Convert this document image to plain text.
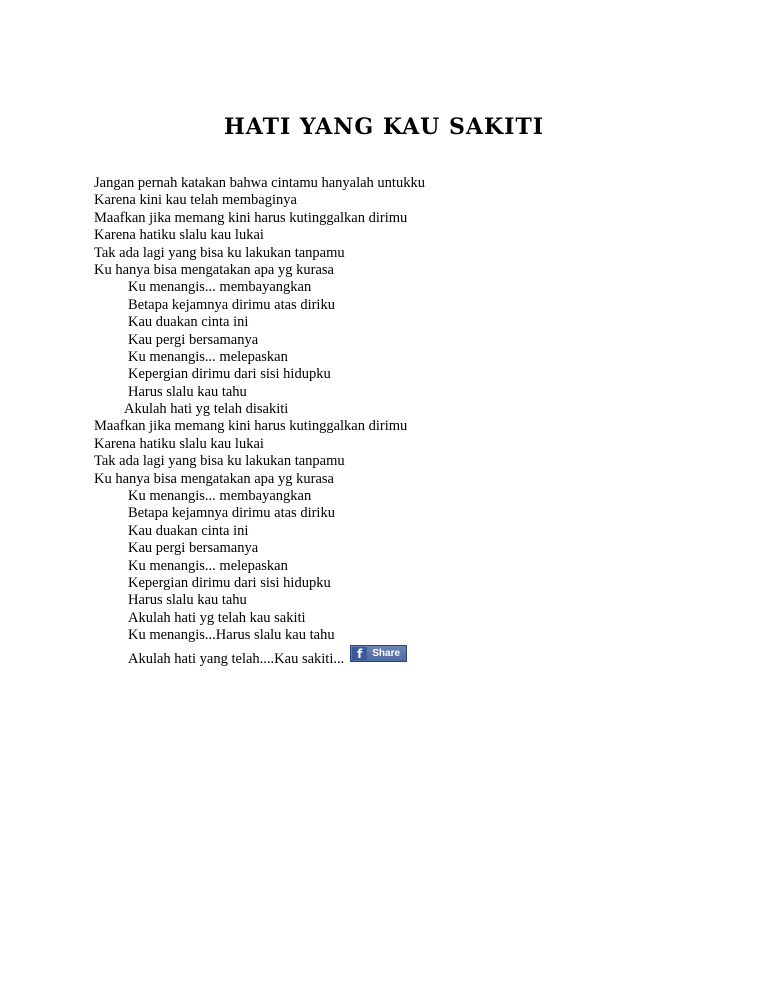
HATI YANG KAU SAKITI
Jangan pernah katakan bahwa cintamu hanyalah untukku
Karena kini kau telah membaginya
Maafkan jika memang kini harus kutinggalkan dirimu
Karena hatiku slalu kau lukai
Tak ada lagi yang bisa ku lakukan tanpamu
Ku hanya bisa mengatakan apa yg kurasa
Ku menangis... membayangkan
Betapa kejamnya dirimu atas diriku
Kau duakan cinta ini
Kau pergi bersamanya
Ku menangis... melepaskan
Kepergian dirimu dari sisi hidupku
Harus slalu kau tahu
Akulah hati yg telah disakiti
Maafkan jika memang kini harus kutinggalkan dirimu
Karena hatiku slalu kau lukai
Tak ada lagi yang bisa ku lakukan tanpamu
Ku hanya bisa mengatakan apa yg kurasa
Ku menangis... membayangkan
Betapa kejamnya dirimu atas diriku
Kau duakan cinta ini
Kau pergi bersamanya
Ku menangis... melepaskan
Kepergian dirimu dari sisi hidupku
Harus slalu kau tahu
Akulah hati yg telah kau sakiti
Ku menangis...Harus slalu kau tahu
Akulah hati yang telah....Kau sakiti...	f Share
